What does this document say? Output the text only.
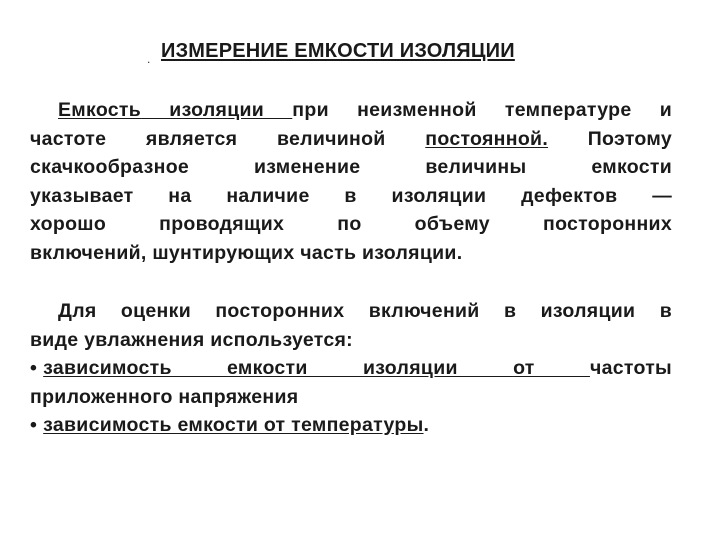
. ИЗМЕРЕНИЕ ЕМКОСТИ ИЗОЛЯЦИИ
Емкость изоляции при неизменной температуре и
частоте является величиной постоянной. Поэтому
скачкообразное изменение величины емкости
указывает на наличие в изоляции дефектов —
хорошо проводящих по объему посторонних
включений, шунтирующих часть изоляции.
Для оценки посторонних включений в изоляции в
виде увлажнения используется:
• зависимость емкости изоляции от частоты
приложенного напряжения
• зависимость емкости от температуры.
